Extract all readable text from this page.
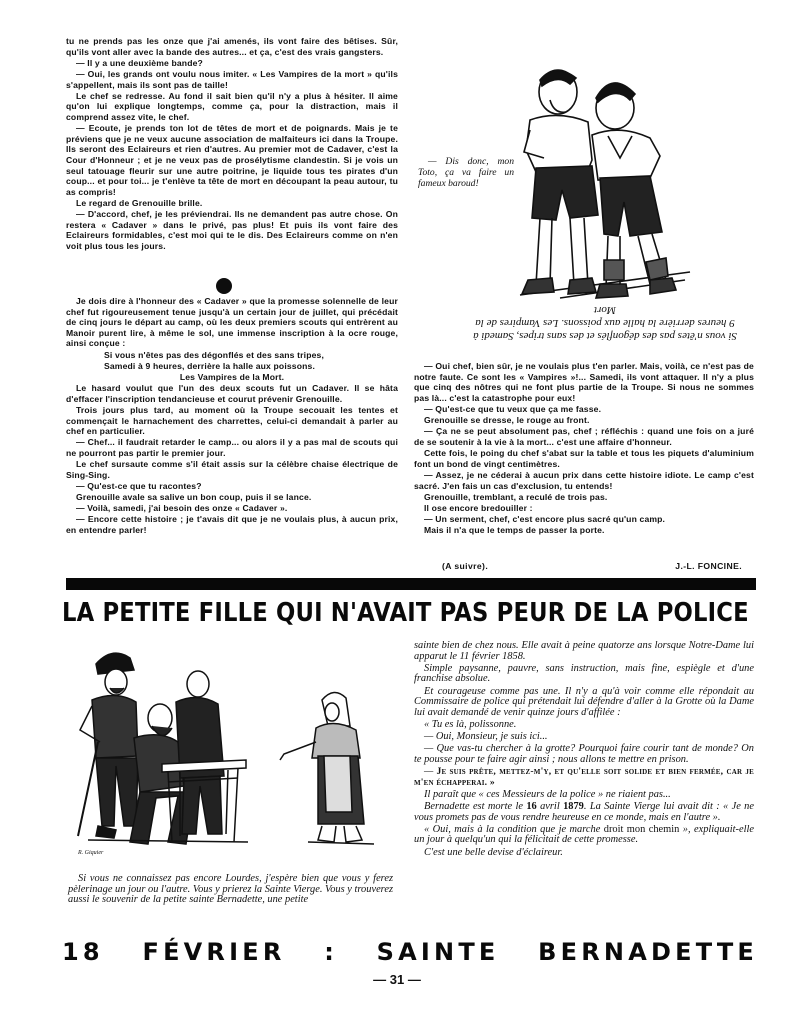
tu ne prends pas les onze que j'ai amenés, ils vont faire des bêtises. Sûr, qu'ils vont aller avec la bande des autres... et ça, c'est des vrais gangsters.

— Il y a une deuxième bande?

— Oui, les grands ont voulu nous imiter. « Les Vampires de la mort » qu'ils s'appellent, mais ils sont pas de taille!

Le chef se redresse. Au fond il sait bien qu'il n'y a plus à hésiter. Il aime qu'on lui explique longtemps, comme ça, pour la distraction, mais il comprend assez vite, le chef.

— Ecoute, je prends ton lot de têtes de mort et de poignards. Mais je te préviens que je ne veux aucune association de malfaiteurs ici dans la Troupe. Ils seront des Eclaireurs et rien d'autres. Au premier mot de Cadaver, c'est la Cour d'Honneur ; et je ne veux pas de prosélytisme clandestin. Si je vois un seul tatouage fleurir sur une autre poitrine, je liquide tous tes pirates d'un coup... et pour toi... je t'enlève ta tête de mort en découpant la peau autour, tu as compris!

Le regard de Grenouille brille.

— D'accord, chef, je les préviendrai. Ils ne demandent pas autre chose. On restera « Cadaver » dans le privé, pas plus! Et puis ils vont faire des Eclaireurs formidables, c'est moi qui te le dis. Des Eclaireurs comme on n'en voit plus tous les jours.

Je dois dire à l'honneur des « Cadaver » que la promesse solennelle de leur chef fut rigoureusement tenue jusqu'à un certain jour de juillet, qui précédait de cinq jours le départ au camp, où les deux premiers scouts qui entrèrent au Manoir purent lire, à même le sol, une immense inscription à la ocre rouge, ainsi conçue :

Si vous n'êtes pas des dégonflés et des sans tripes,

Samedi à 9 heures, derrière la halle aux poissons.

Les Vampires de la Mort.

Le hasard voulut que l'un des deux scouts fut un Cadaver. Il se hâta d'effacer l'inscription tendancieuse et courut prévenir Grenouille.

Trois jours plus tard, au moment où la Troupe secouait les tentes et commençait le harnachement des charrettes, celui-ci demandait à parler au chef en particulier.

— Chef... il faudrait retarder le camp... ou alors il y a pas mal de scouts qui ne pourront pas partir le premier jour.

Le chef sursaute comme s'il était assis sur la célèbre chaise électrique de Sing-Sing.

— Qu'est-ce que tu racontes?

Grenouille avale sa salive un bon coup, puis il se lance.

— Voilà, samedi, j'ai besoin des onze « Cadaver ».

— Encore cette histoire ; je t'avais dit que je ne voulais plus, à aucun prix, en entendre parler!

— Dis donc, mon Toto, ça va faire un fameux baroud!
Si vous n'êtes pas des dégonflés et des sans tripes, Samedi à 9 heures derrière la halle aux poissons. Les Vampires de la Mort

— Oui chef, bien sûr, je ne voulais plus t'en parler. Mais, voilà, ce n'est pas de notre faute. Ce sont les « Vampires »!... Samedi, ils vont attaquer. Il n'y a plus que cinq des nôtres qui ne font plus partie de la Troupe. Si nous ne sommes pas là... c'est la catastrophe pour eux!

— Qu'est-ce que tu veux que ça me fasse.

Grenouille se dresse, le rouge au front.

— Ça ne se peut absolument pas, chef ; réfléchis : quand une fois on a juré de se soutenir à la vie à la mort... c'est une affaire d'honneur.

Cette fois, le poing du chef s'abat sur la table et tous les piquets d'aluminium font un bond de vingt centimètres.

— Assez, je ne céderai à aucun prix dans cette histoire idiote. Le camp c'est sacré. J'en fais un cas d'exclusion, tu entends!

Grenouille, tremblant, a reculé de trois pas.

Il ose encore bredouiller :

— Un serment, chef, c'est encore plus sacré qu'un camp.

Mais il n'a que le temps de passer la porte.

(A suivre).	J.-L. FONCINE.
LA PETITE FILLE QUI N'AVAIT PAS PEUR DE LA POLICE
R. Giquier

Si vous ne connaissez pas encore Lourdes, j'espère bien que vous y ferez pèlerinage un jour ou l'autre. Vous y prierez la Sainte Vierge. Vous y trouverez aussi le souvenir de la petite sainte Bernadette, une petite

sainte bien de chez nous. Elle avait à peine quatorze ans lorsque Notre-Dame lui apparut le 11 février 1858.

Simple paysanne, pauvre, sans instruction, mais fine, espiègle et d'une franchise absolue.

Et courageuse comme pas une. Il n'y a qu'à voir comme elle répondait au Commissaire de police qui prétendait lui défendre d'aller à la Grotte où la Dame lui avait demandé de venir quinze jours d'affilée :

« Tu es là, polissonne.

— Oui, Monsieur, je suis ici...

— Que vas-tu chercher à la grotte? Pourquoi faire courir tant de monde? On te pousse pour te faire agir ainsi ; nous allons te mettre en prison.

— Je suis prête, mettez-m'y, et qu'elle soit solide et bien fermée, car je m'en échapperai. »

Il paraît que « ces Messieurs de la police » ne riaient pas...

Bernadette est morte le 16 avril 1879. La Sainte Vierge lui avait dit : « Je ne vous promets pas de vous rendre heureuse en ce monde, mais en l'autre ».

« Oui, mais à la condition que je marche droit mon chemin », expliquait-elle un jour à quelqu'un qui la félicitait de cette promesse.

C'est une belle devise d'éclaireur.

18 FÉVRIER : SAINTE BERNADETTE
— 31 —
